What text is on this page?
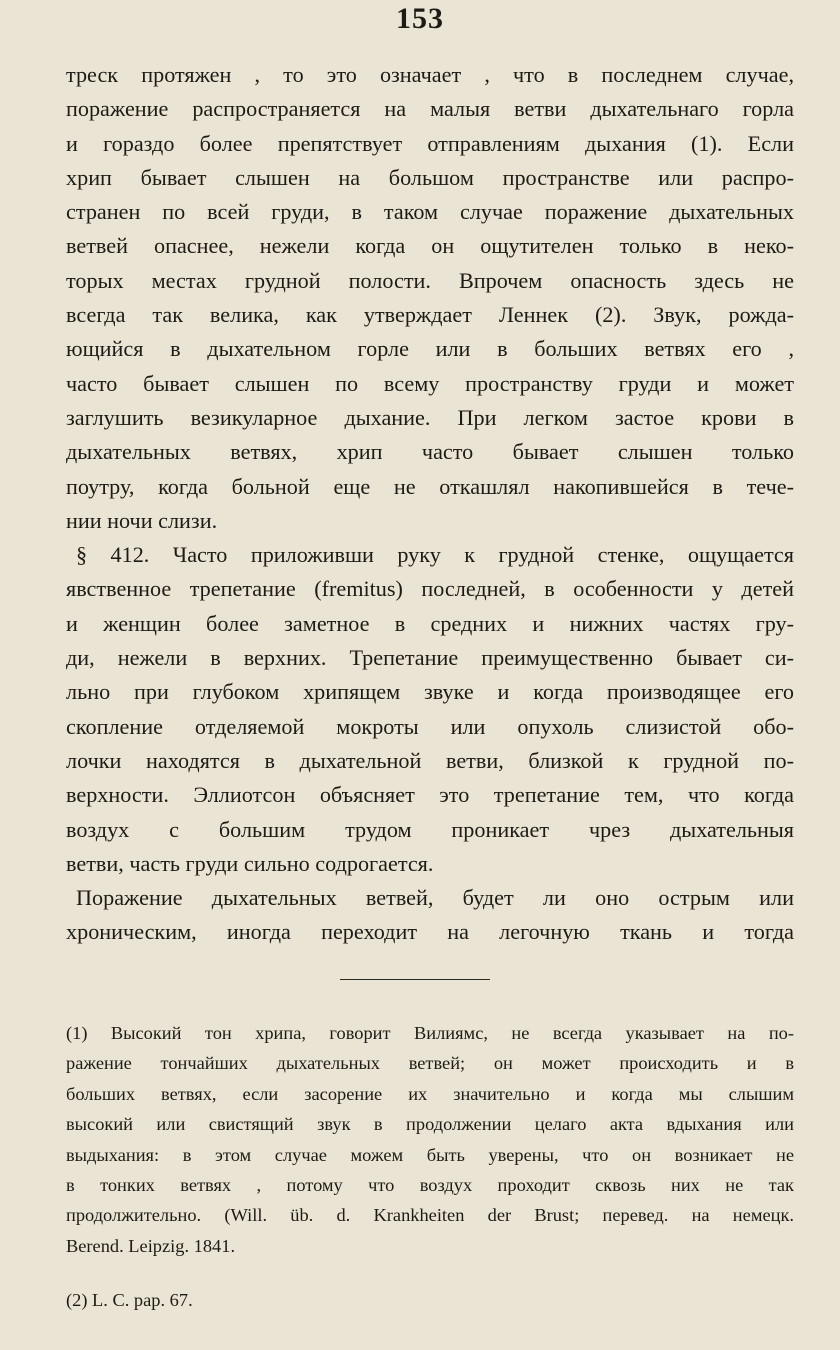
153
треск протяжен , то это означает , что в последнем случае,
поражение распространяется на малыя ветви дыхательнаго горла
и гораздо более препятствует отправлениям дыхания (1). Если
хрип бывает слышен на большом пространстве или распро-
странен по всей груди, в таком случае поражение дыхательных
ветвей опаснее, нежели когда он ощутителен только в неко-
торых местах грудной полости. Впрочем опасность здесь не
всегда так велика, как утверждает Леннек (2). Звук, рожда-
ющийся в дыхательном горле или в больших ветвях его ,
часто бывает слышен по всему пространству груди и может
заглушить везикуларное дыхание. При легком застое крови в
дыхательных ветвях, хрип часто бывает слышен только
поутру, когда больной еще не откашлял накопившейся в тече-
нии ночи слизи.
§ 412. Часто приложивши руку к грудной стенке, ощущается
явственное трепетание (fremitus) последней, в особенности у детей
и женщин более заметное в средних и нижних частях гру-
ди, нежели в верхних. Трепетание преимущественно бывает си-
льно при глубоком хрипящем звуке и когда производящее его
скопление отделяемой мокроты или опухоль слизистой обо-
лочки находятся в дыхательной ветви, близкой к грудной по-
верхности. Эллиотсон объясняет это трепетание тем, что когда
воздух с большим трудом проникает чрез дыхательныя
ветви, часть груди сильно содрогается.
Поражение дыхательных ветвей, будет ли оно острым или
хроническим, иногда переходит на легочную ткань и тогда
(1) Высокий тон хрипа, говорит Вилиямс, не всегда указывает на по-
ражение тончайших дыхательных ветвей; он может происходить и в
больших ветвях, если засорение их значительно и когда мы слышим
высокий или свистящий звук в продолжении целаго акта вдыхания или
выдыхания: в этом случае можем быть уверены, что он возникает не
в тонких ветвях , потому что воздух проходит сквозь них не так
продолжительно. (Will. üb. d. Krankheiten der Brust; перевед. на немецк.
Berend. Leipzig. 1841.
(2) L. C. pap. 67.
